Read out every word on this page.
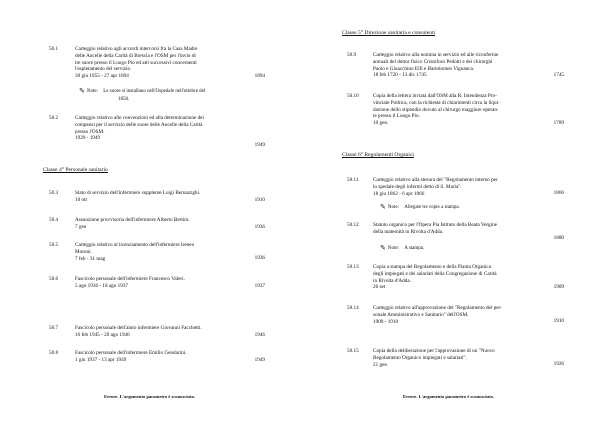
50.1	Carteggio relativo agli accordi intercorsi fra la Casa Madre
delle Ancelle della Carità di Brescia e l'OSM per l'invio di
tre suore presso il Luogo Pio ed atti successivi concernenti
l'espletamento del servizio.
30 giu 1855 - 27 apr 1894	1894
✎ Note: Le suore si installano nell'Ospedale nell'ottobre del
1858.
50.2	Carteggio relativo alle convenzioni ed alla determinazione dei
compensi per il servizio delle suore delle Ancelle della Carità
presso l'OSM.
1929 - 1949
1949
Classe 4° Personale sanitario
50.3	Stato di servizio dell'infermiere supplente Luigi Bernazzghi.
10 ott	1910
50.4	Assunzione provvisoria dell'infermiere Alberto Bertini.
7 gen	1936
50.5	Carteggio relativo al licenziamento dell'infermiere Ireneo
Moroni.
7 feb - 31 mag	1936
50.6	Fascicolo personale dell'infermiere Francesco Valeri.
5 ago 1936 - 18 ago 1937	1937
50.7	Fascicolo personale dell'aiuto infermiere Giovanni Facchetti.
16 feb 1945 - 20 ago 1946	1946
50.8	Fascicolo personale dell'infermiere Emilio Gendarini.
1 giu 1937 - 13 apr 1949	1949
Errore. L'argomento parametro è sconosciuto.
Classe 5° Direzione sanitaria e consulenti
50.9	Carteggio relativo alla nomina in servizio ed alle riconferme
annuali del dottor fisico Cristoforo Pedotti e dei chirurghi
Paolo e Gioacchino Elfi e Bartolomeo Vignanca.
18 feb 1720 - 13 dic 1745	1745
50.10	Copia della lettera inviata dall'OSM alla R. Intendenza Pro-
vinciale Politica, con la richiesta di chiarimenti circa la liqui-
dazione dello stipendio dovuto al chirurgo maggiore operan-
te presso il Luogo Pio.
10 gen.	1789
Classe 6° Regolamenti Organici
50.11	Carteggio relativo alla stesura del "Regolamento interno per
lo spedale degli infermi detto di S. Maria".
18 giu 1862 - 6 apr 1866	1866
✎ Note: Allegate tre copie a stampa.
50.12	Statuto organico per l'Opera Pia Istituto della Beata Vergine
della maternità in Rivolta d'Adda.
1880
✎ Note: A stampa.
50.13	Copia a stampa del Regolamento e della Pianta Organica
degli impiegati e dei salariati della Congregazione di Carità
in Rivolta d'Adda.
26 set	1909
50.14	Carteggio relativo all'approvazione del "Regolamento del per-
sonale Amministrativo e Sanitario" dell'OSM.
1909 - 1910	1910
50.15	Copia della deliberazione per l'approvazione di un "Nuovo
Regolamento Organico impiegati e salariati".
21 gen	1926
Errore. L'argomento parametro è sconosciuto.
